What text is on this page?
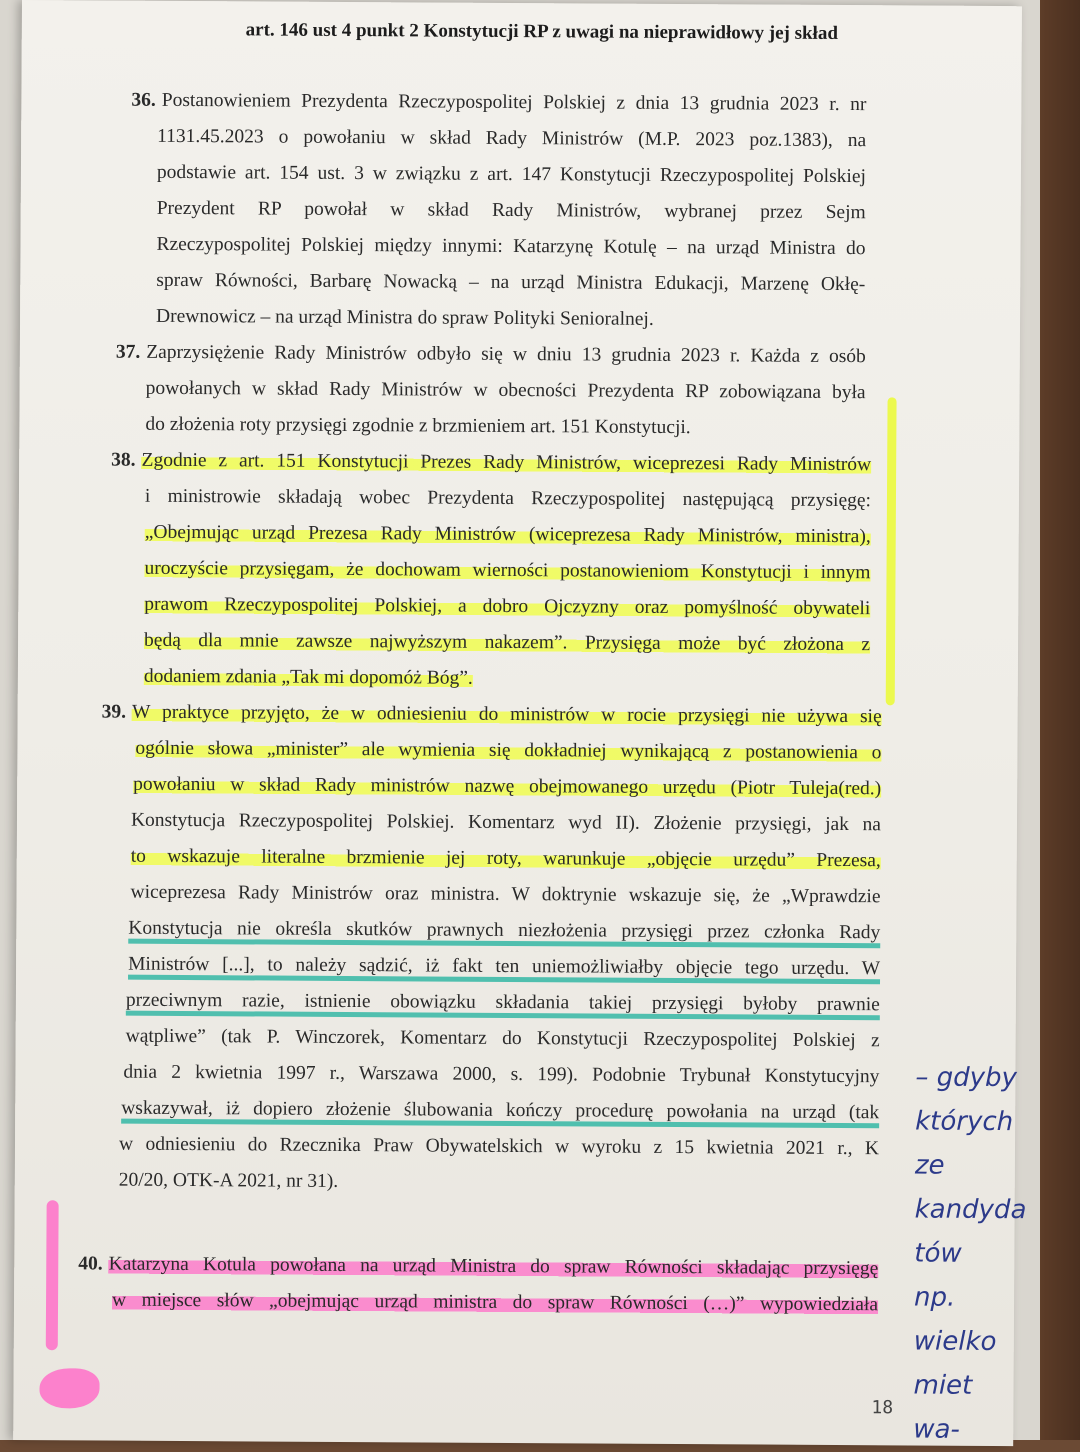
art. 146 ust 4 punkt 2 Konstytucji RP z uwagi na nieprawidłowy jej skład
36. Postanowieniem Prezydenta Rzeczypospolitej Polskiej z dnia 13 grudnia 2023 r. nr
1131.45.2023 o powołaniu w skład Rady Ministrów (M.P. 2023 poz.1383), na
podstawie art. 154 ust. 3 w związku z art. 147 Konstytucji Rzeczypospolitej Polskiej
Prezydent RP powołał w skład Rady Ministrów, wybranej przez Sejm
Rzeczypospolitej Polskiej między innymi: Katarzynę Kotulę – na urząd Ministra do
spraw Równości, Barbarę Nowacką – na urząd Ministra Edukacji, Marzenę Okłę-
Drewnowicz – na urząd Ministra do spraw Polityki Senioralnej.
37. Zaprzysiężenie Rady Ministrów odbyło się w dniu 13 grudnia 2023 r. Każda z osób
powołanych w skład Rady Ministrów w obecności Prezydenta RP zobowiązana była
do złożenia roty przysięgi zgodnie z brzmieniem art. 151 Konstytucji.
38. Zgodnie z art. 151 Konstytucji Prezes Rady Ministrów, wiceprezesi Rady Ministrów
i ministrowie składają wobec Prezydenta Rzeczypospolitej następującą przysięgę:
„Obejmując urząd Prezesa Rady Ministrów (wiceprezesa Rady Ministrów, ministra),
uroczyście przysięgam, że dochowam wierności postanowieniom Konstytucji i innym
prawom Rzeczypospolitej Polskiej, a dobro Ojczyzny oraz pomyślność obywateli
będą dla mnie zawsze najwyższym nakazem”. Przysięga może być złożona z
dodaniem zdania „Tak mi dopomóż Bóg”.
39. W praktyce przyjęto, że w odniesieniu do ministrów w rocie przysięgi nie używa się
ogólnie słowa „minister” ale wymienia się dokładniej wynikającą z postanowienia o
powołaniu w skład Rady ministrów nazwę obejmowanego urzędu (Piotr Tuleja(red.)
Konstytucja Rzeczypospolitej Polskiej. Komentarz wyd II). Złożenie przysięgi, jak na
to wskazuje literalne brzmienie jej roty, warunkuje „objęcie urzędu” Prezesa,
wiceprezesa Rady Ministrów oraz ministra. W doktrynie wskazuje się, że „Wprawdzie
Konstytucja nie określa skutków prawnych niezłożenia przysięgi przez członka Rady
Ministrów [...], to należy sądzić, iż fakt ten uniemożliwiałby objęcie tego urzędu. W
przeciwnym razie, istnienie obowiązku składania takiej przysięgi byłoby prawnie
wątpliwe” (tak P. Winczorek, Komentarz do Konstytucji Rzeczypospolitej Polskiej z
dnia 2 kwietnia 1997 r., Warszawa 2000, s. 199). Podobnie Trybunał Konstytucyjny
wskazywał, iż dopiero złożenie ślubowania kończy procedurę powołania na urząd (tak
w odniesieniu do Rzecznika Praw Obywatelskich w wyroku z 15 kwietnia 2021 r., K
20/20, OTK-A 2021, nr 31).
40. Katarzyna Kotula powołana na urząd Ministra do spraw Równości składając przysięgę
w miejsce słów „obejmując urząd ministra do spraw Równości (…)” wypowiedziała
18
– gdyby
których
ze
kandyda
tów
np.
wielko
miet
wa-
